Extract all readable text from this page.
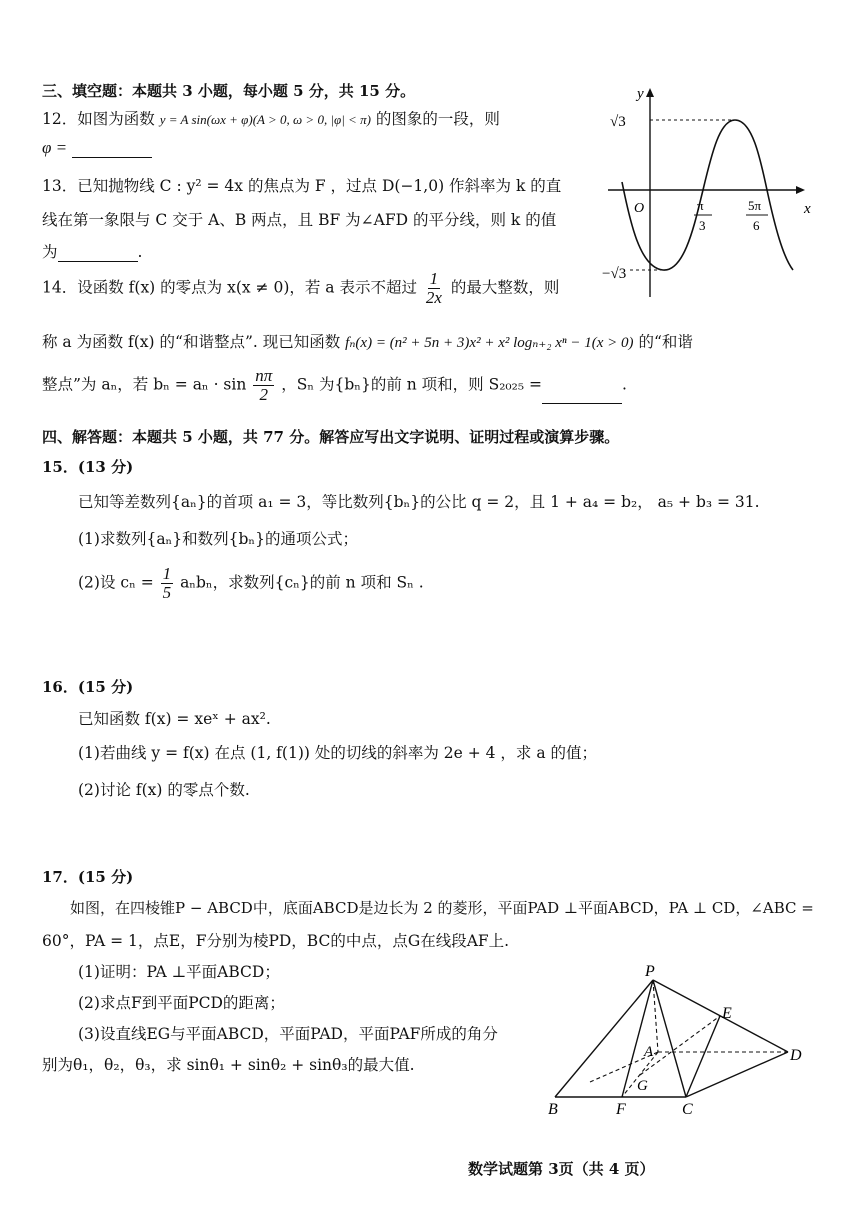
三、填空题：本题共 3 小题，每小题 5 分，共 15 分。
12．如图为函数 y = A sin(ωx + φ)(A > 0, ω > 0, |φ| < π) 的图象的一段，则
φ =
13．已知抛物线 C : y² = 4x 的焦点为 F ，过点 D(−1,0) 作斜率为 k 的直
线在第一象限与 C 交于 A、B 两点，且 BF 为∠AFD 的平分线，则 k 的值
为	.
14．设函数 f(x) 的零点为 x(x ≠ 0)，若 a 表示不超过 $\frac{1}{2x}$ 的最大整数，则
称 a 为函数 f(x) 的“和谐整点”. 现已知函数 fₙ(x) = (n² + 5n + 3)x² + x² logₙ₊₂ xⁿ − 1(x > 0) 的“和谐
整点”为 aₙ，若 $b_n = a_n \cdot \sin \frac{n\pi}{2}$ ，Sₙ 为{bₙ}的前 n 项和，则 S₂₀₂₅ =	.
四、解答题：本题共 5 小题，共 77 分。解答应写出文字说明、证明过程或演算步骤。
15．(13 分)
已知等差数列{aₙ}的首项 a₁ = 3，等比数列{bₙ}的公比 q = 2，且 1 + a₄ = b₂， a₅ + b₃ = 31.
(1)求数列{aₙ}和数列{bₙ}的通项公式；
(2)设 $c_n = \frac{1}{5}$ aₙbₙ，求数列{cₙ}的前 n 项和 Sₙ .
16．(15 分)
已知函数 f(x) = xeˣ + ax².
(1)若曲线 y = f(x) 在点 (1, f(1)) 处的切线的斜率为 2e + 4 ，求 a 的值；
(2)讨论 f(x) 的零点个数.
17．(15 分)
如图，在四棱锥P − ABCD中，底面ABCD是边长为 2 的菱形，平面PAD ⊥平面ABCD，PA ⊥ CD，∠ABC =
60°，PA = 1，点E，F分别为棱PD，BC的中点，点G在线段AF上.
(1)证明：PA ⊥平面ABCD；
(2)求点F到平面PCD的距离；
(3)设直线EG与平面ABCD，平面PAD，平面PAF所成的角分
别为θ₁，θ₂，θ₃，求 sinθ₁ + sinθ₂ + sinθ₃的最大值.
y
x
O
√3
−√3
π
3
5π
6
P
E
A	D
G
B	F	C
数学试题第 3页（共 4 页）
